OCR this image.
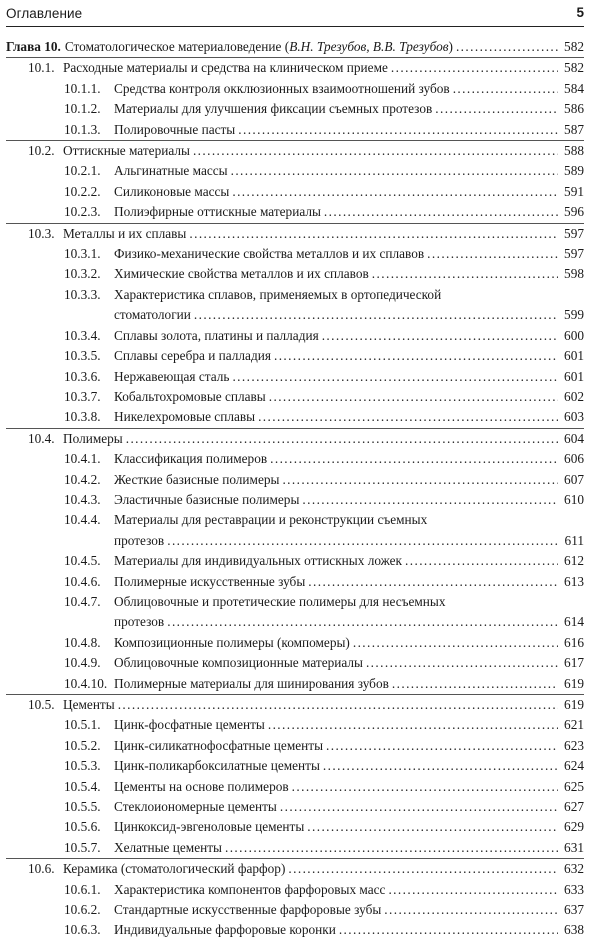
Оглавление	5
Глава 10. Стоматологическое материаловедение (В.Н. Трезубов, В.В. Трезубов) .....	582
10.1. Расходные материалы и средства на клиническом приеме .....	582
10.1.1.	Средства контроля окклюзионных взаимоотношений зубов .....	584
10.1.2.	Материалы для улучшения фиксации съемных протезов .....	586
10.1.3.	Полировочные пасты .....	587
10.2. Оттискные материалы .....	588
10.2.1.	Альгинатные массы .....	589
10.2.2.	Силиконовые массы .....	591
10.2.3.	Полиэфирные оттискные материалы .....	596
10.3. Металлы и их сплавы .....	597
10.3.1.	Физико-механические свойства металлов и их сплавов .....	597
10.3.2.	Химические свойства металлов и их сплавов .....	598
10.3.3.	Характеристика сплавов, применяемых в ортопедической
стоматологии .....	599
10.3.4.	Сплавы золота, платины и палладия .....	600
10.3.5.	Сплавы серебра и палладия .....	601
10.3.6.	Нержавеющая сталь .....	601
10.3.7.	Кобальтохромовые сплавы .....	602
10.3.8.	Никелехромовые сплавы .....	603
10.4. Полимеры .....	604
10.4.1.	Классификация полимеров .....	606
10.4.2.	Жесткие базисные полимеры .....	607
10.4.3.	Эластичные базисные полимеры .....	610
10.4.4.	Материалы для реставрации и реконструкции съемных
протезов .....	611
10.4.5.	Материалы для индивидуальных оттискных ложек .....	612
10.4.6.	Полимерные искусственные зубы .....	613
10.4.7.	Облицовочные и протетические полимеры для несъемных
протезов .....	614
10.4.8.	Композиционные полимеры (компомеры) .....	616
10.4.9.	Облицовочные композиционные материалы .....	617
10.4.10. Полимерные материалы для шинирования зубов .....	619
10.5. Цементы .....	619
10.5.1.	Цинк-фосфатные цементы .....	621
10.5.2.	Цинк-силикатнофосфатные цементы .....	623
10.5.3.	Цинк-поликарбоксилатные цементы .....	624
10.5.4.	Цементы на основе полимеров .....	625
10.5.5.	Стеклоиономерные цементы .....	627
10.5.6.	Цинкоксид-эвгеноловые цементы .....	629
10.5.7.	Хелатные цементы .....	631
10.6. Керамика (стоматологический фарфор) .....	632
10.6.1.	Характеристика компонентов фарфоровых масс .....	633
10.6.2.	Стандартные искусственные фарфоровые зубы .....	637
10.6.3.	Индивидуальные фарфоровые коронки .....	638
